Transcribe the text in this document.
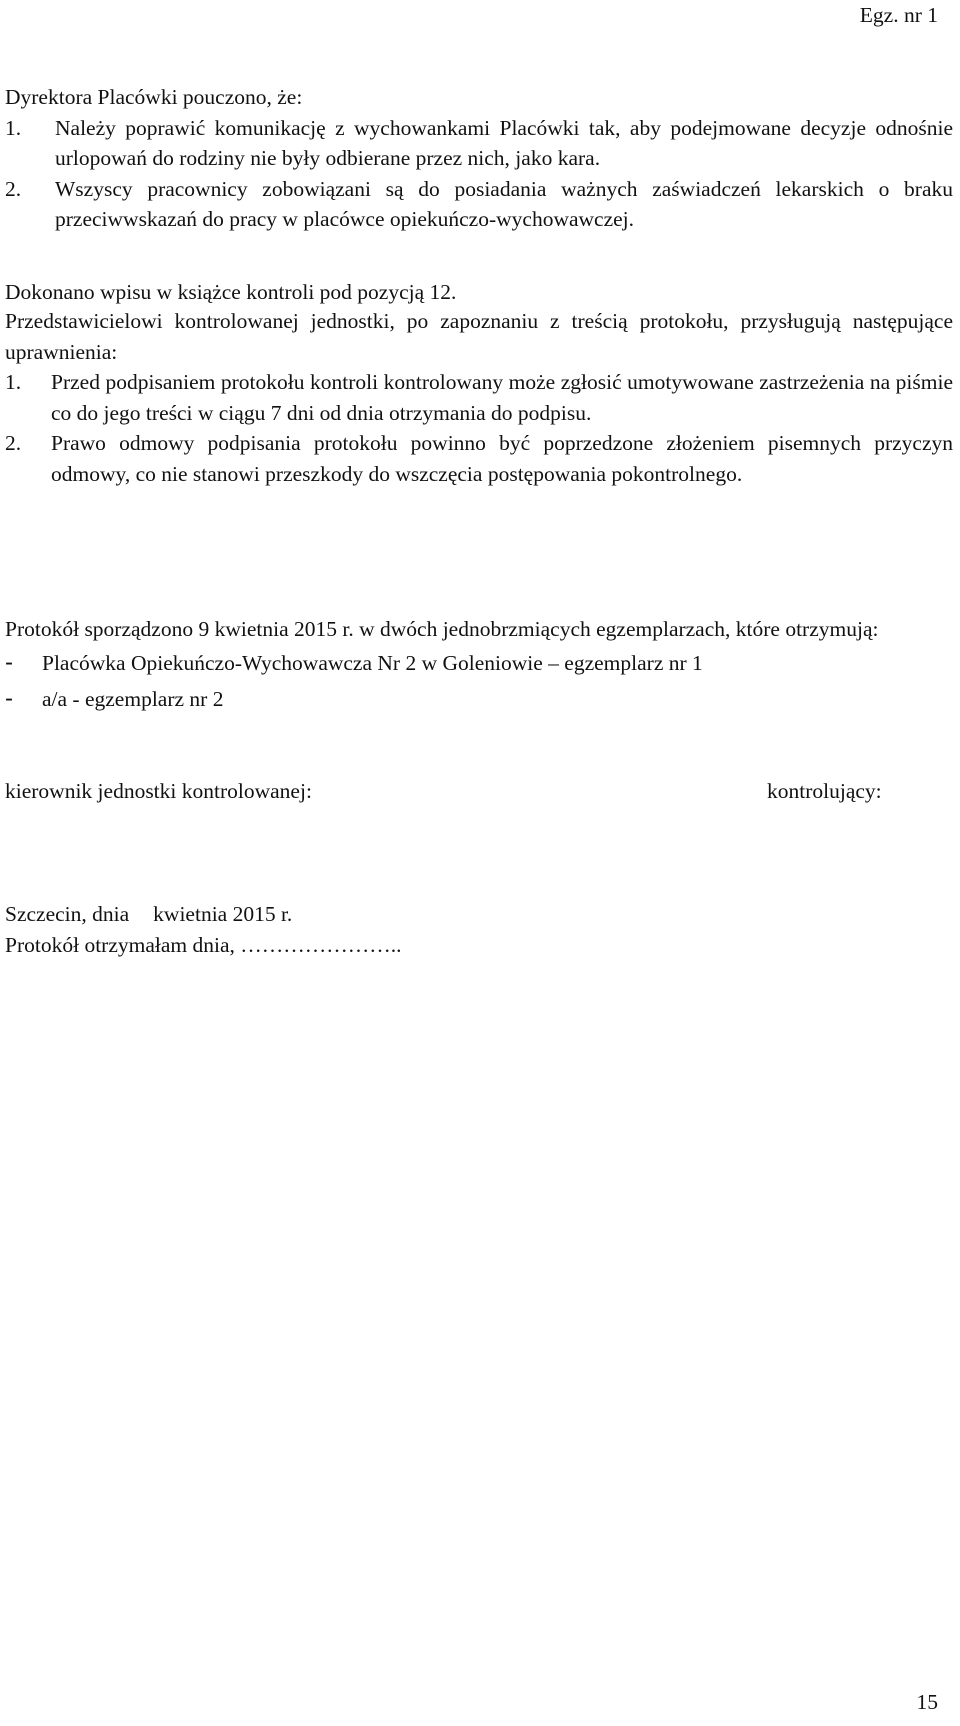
Egz. nr 1
Dyrektora Placówki pouczono, że:
1. Należy poprawić komunikację z wychowankami Placówki tak, aby podejmowane decyzje odnośnie urlopowań do rodziny nie były odbierane przez nich, jako kara.
2. Wszyscy pracownicy zobowiązani są do posiadania ważnych zaświadczeń lekarskich o braku przeciwwskazań do pracy w placówce opiekuńczo-wychowawczej.
Dokonano wpisu w książce kontroli pod pozycją 12.
Przedstawicielowi kontrolowanej jednostki, po zapoznaniu z treścią protokołu, przysługują następujące uprawnienia:
1. Przed podpisaniem protokołu kontroli kontrolowany może zgłosić umotywowane zastrzeżenia na piśmie co do jego treści w ciągu 7 dni od dnia otrzymania do podpisu.
2. Prawo odmowy podpisania protokołu powinno być poprzedzone złożeniem pisemnych przyczyn odmowy, co nie stanowi przeszkody do wszczęcia postępowania pokontrolnego.
Protokół sporządzono 9 kwietnia 2015 r. w dwóch jednobrzmiących egzemplarzach, które otrzymują:
- Placówka Opiekuńczo-Wychowawcza Nr 2 w Goleniowie – egzemplarz nr 1
- a/a - egzemplarz nr 2
kierownik jednostki kontrolowanej:	kontrolujący:
Szczecin, dnia kwietnia 2015 r.
Protokół otrzymałam dnia, …………………..
15
